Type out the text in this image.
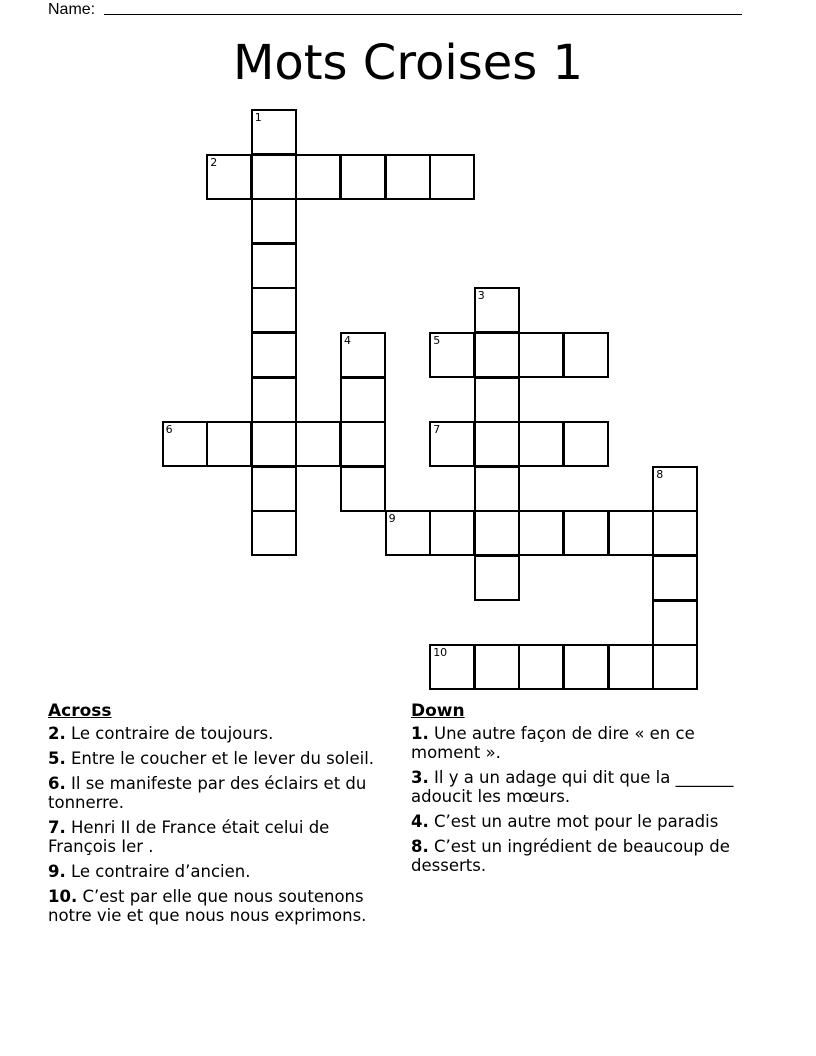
Name:
Mots Croises 1
1
2
3
4	5
6	7
8
9
10
Across
2. Le contraire de toujours.
5. Entre le coucher et le lever du soleil.
6. Il se manifeste par des éclairs et du tonnerre.
7. Henri II de France était celui de François Ier .
9. Le contraire d’ancien.
10. C’est par elle que nous soutenons notre vie et que nous nous exprimons.
Down
1. Une autre façon de dire « en ce moment ».
3. Il y a un adage qui dit que la _______ adoucit les mœurs.
4. C’est un autre mot pour le paradis
8. C’est un ingrédient de beaucoup de desserts.
